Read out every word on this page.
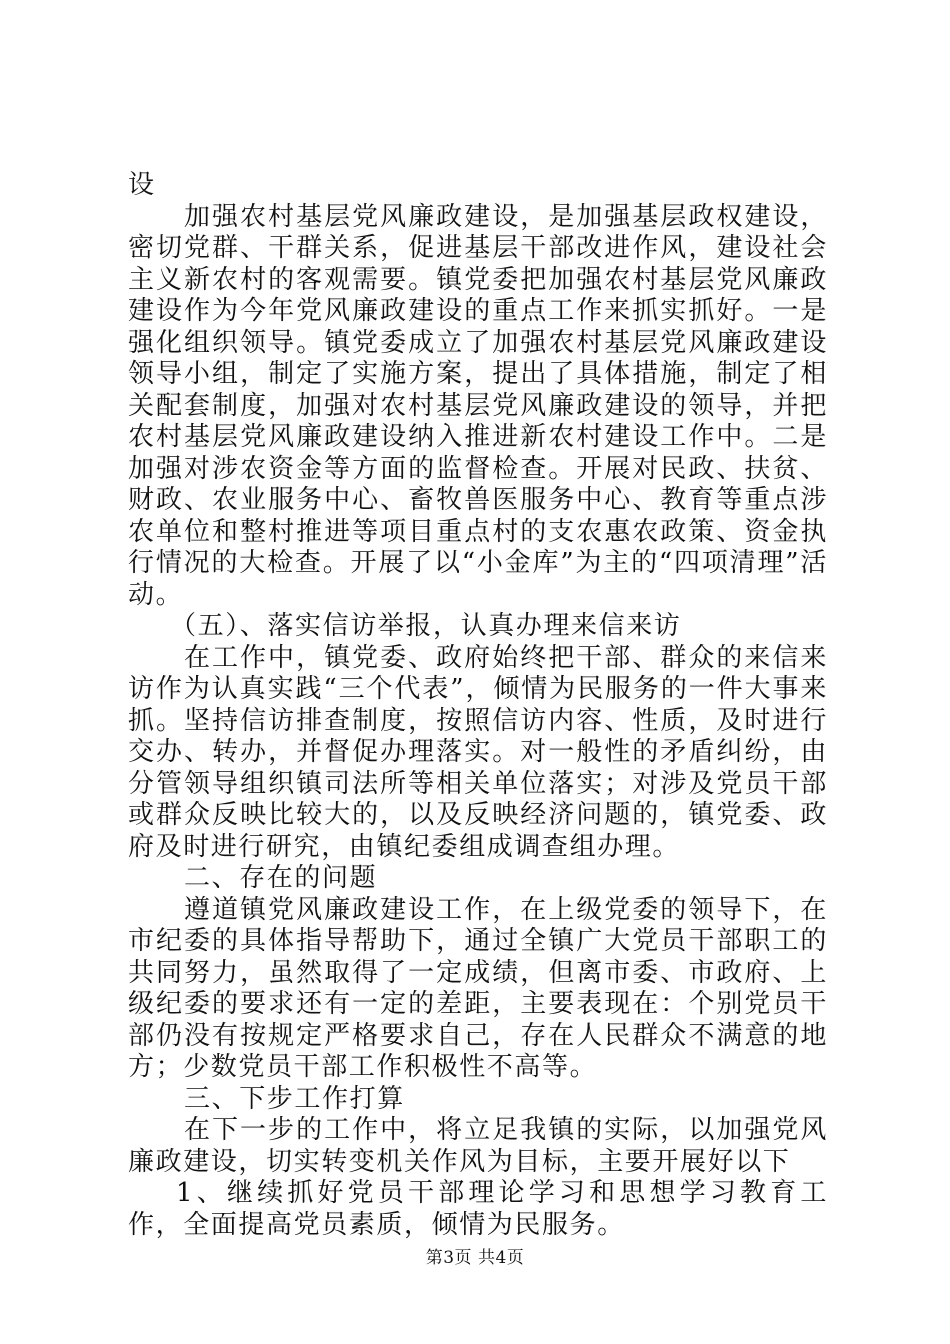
设

加强农村基层党风廉政建设，是加强基层政权建设，密切党群、干群关系，促进基层干部改进作风，建设社会主义新农村的客观需要。镇党委把加强农村基层党风廉政建设作为今年党风廉政建设的重点工作来抓实抓好。一是强化组织领导。镇党委成立了加强农村基层党风廉政建设领导小组，制定了实施方案，提出了具体措施，制定了相关配套制度，加强对农村基层党风廉政建设的领导，并把农村基层党风廉政建设纳入推进新农村建设工作中。二是加强对涉农资金等方面的监督检查。开展对民政、扶贫、财政、农业服务中心、畜牧兽医服务中心、教育等重点涉农单位和整村推进等项目重点村的支农惠农政策、资金执行情况的大检查。开展了以“小金库”为主的“四项清理”活动。

（五）、落实信访举报，认真办理来信来访

在工作中，镇党委、政府始终把干部、群众的来信来访作为认真实践“三个代表”，倾情为民服务的一件大事来抓。坚持信访排查制度，按照信访内容、性质，及时进行交办、转办，并督促办理落实。对一般性的矛盾纠纷，由分管领导组织镇司法所等相关单位落实；对涉及党员干部或群众反映比较大的，以及反映经济问题的，镇党委、政府及时进行研究，由镇纪委组成调查组办理。

二、存在的问题

遵道镇党风廉政建设工作，在上级党委的领导下，在市纪委的具体指导帮助下，通过全镇广大党员干部职工的共同努力，虽然取得了一定成绩，但离市委、市政府、上级纪委的要求还有一定的差距，主要表现在：个别党员干部仍没有按规定严格要求自己，存在人民群众不满意的地方；少数党员干部工作积极性不高等。

三、下步工作打算

在下一步的工作中，将立足我镇的实际，以加强党风廉政建设，切实转变机关作风为目标，主要开展好以下

1、继续抓好党员干部理论学习和思想学习教育工作，全面提高党员素质，倾情为民服务。

第3页 共4页
